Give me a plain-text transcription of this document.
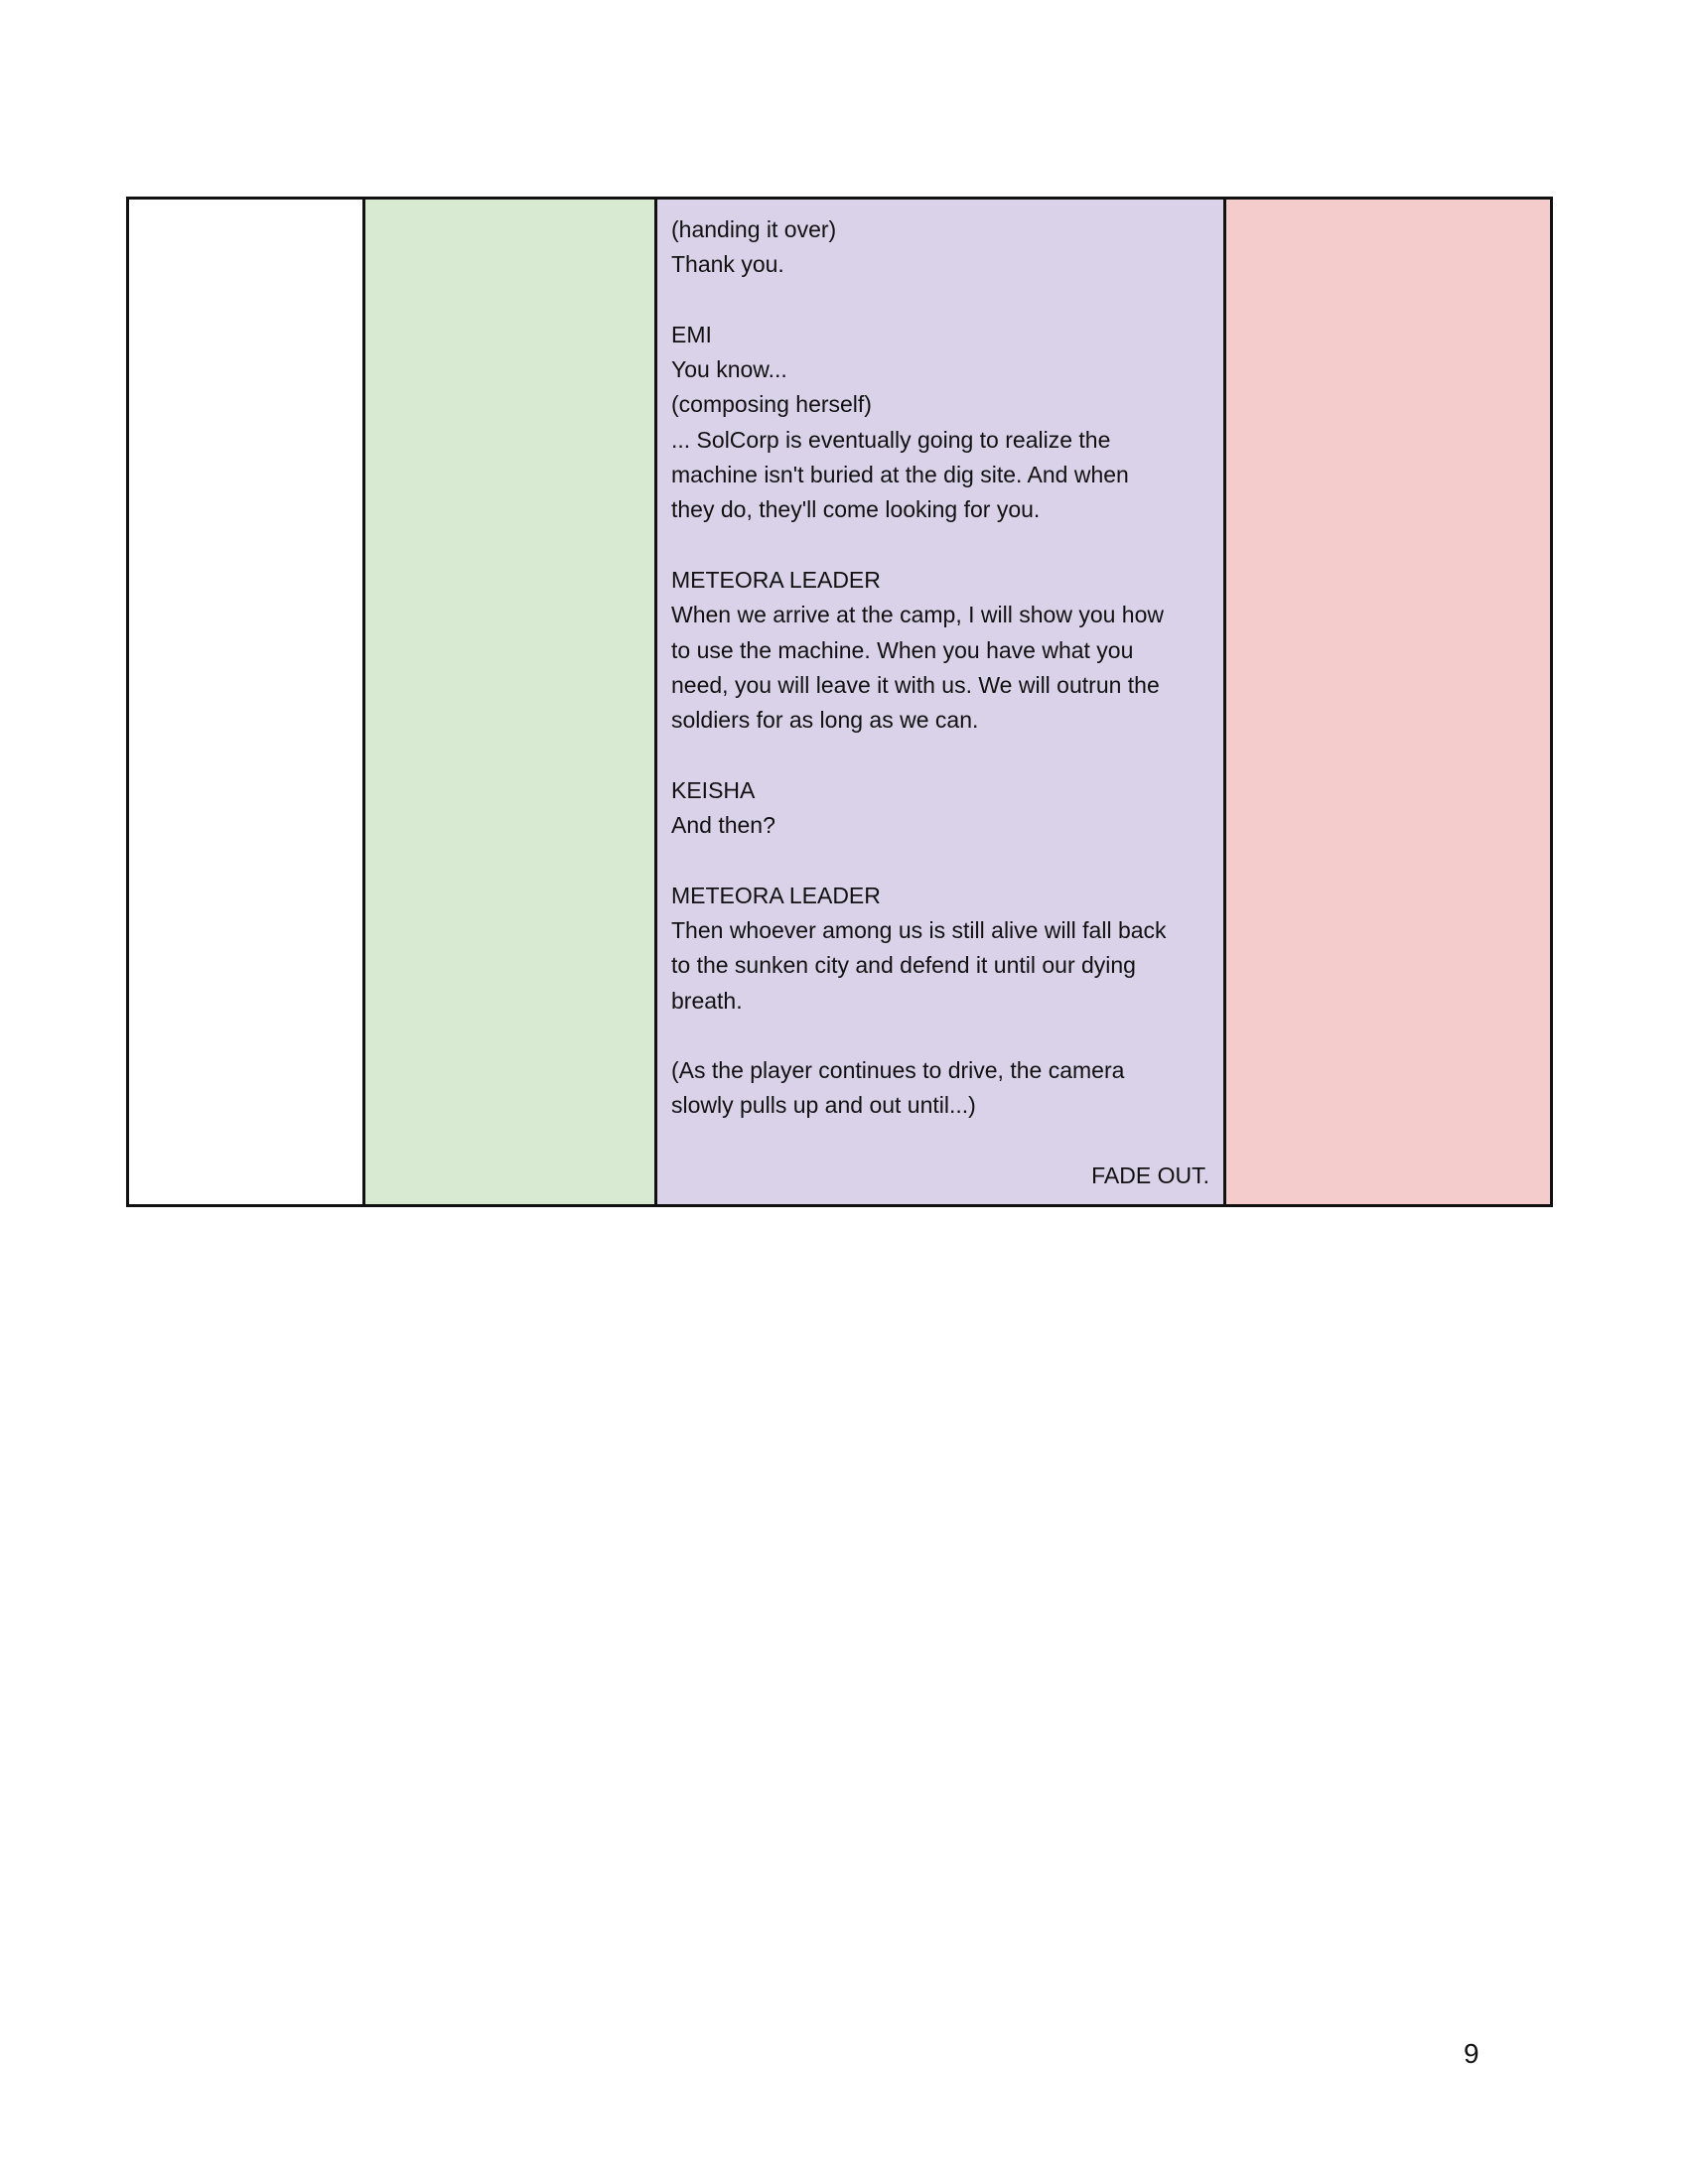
(handing it over)
Thank you.
EMI
You know...
(composing herself)
... SolCorp is eventually going to realize the
machine isn't buried at the dig site. And when
they do, they'll come looking for you.
METEORA LEADER
When we arrive at the camp, I will show you how
to use the machine. When you have what you
need, you will leave it with us. We will outrun the
soldiers for as long as we can.
KEISHA
And then?
METEORA LEADER
Then whoever among us is still alive will fall back
to the sunken city and defend it until our dying
breath.
(As the player continues to drive, the camera
slowly pulls up and out until...)
FADE OUT.
9
